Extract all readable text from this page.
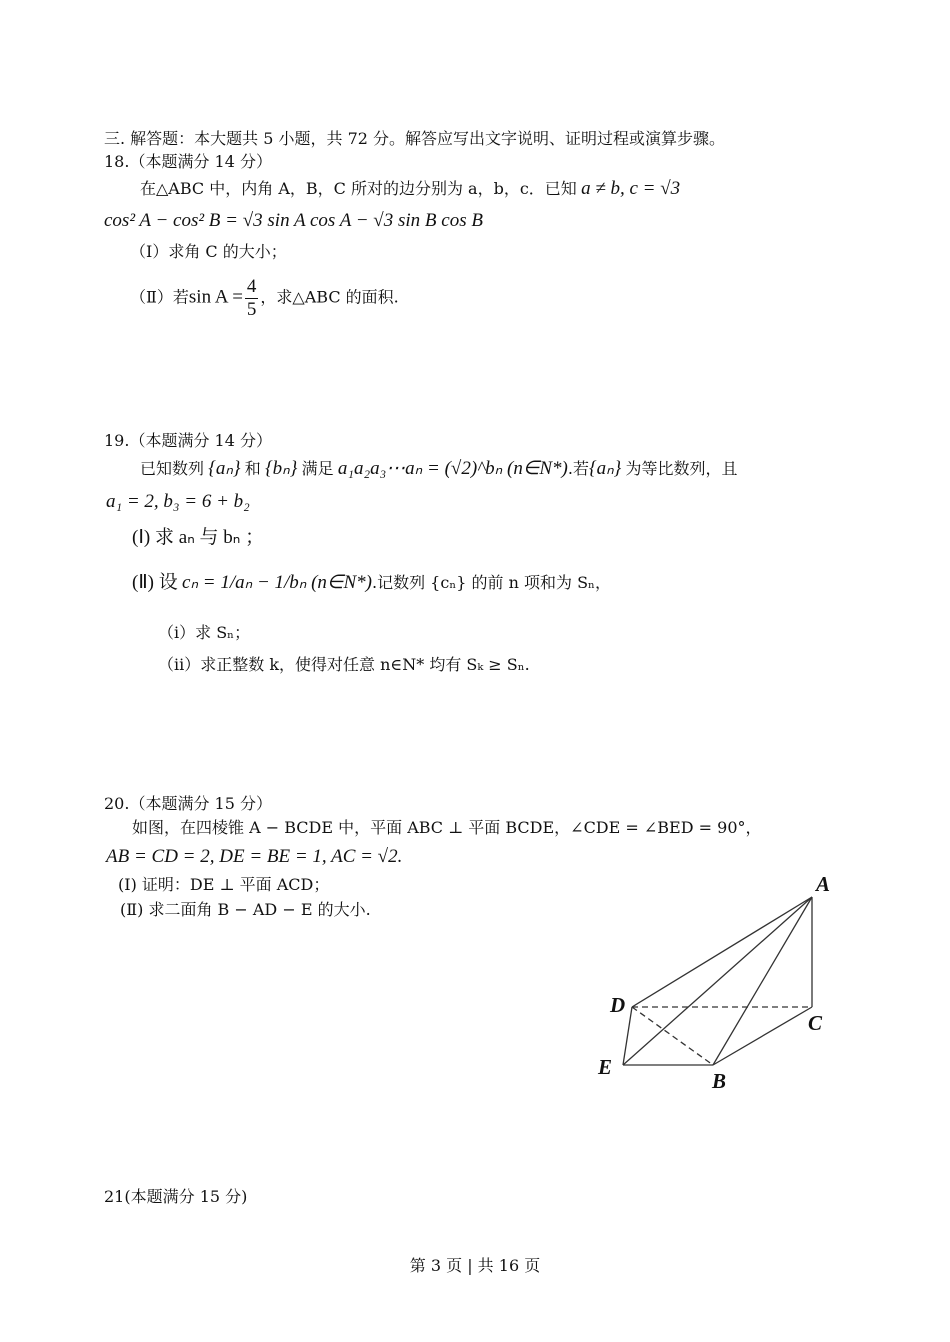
三. 解答题：本大题共 5 小题，共 72 分。解答应写出文字说明、证明过程或演算步骤。
18.（本题满分 14 分）
在△ABC 中，内角 A，B，C 所对的边分别为 a，b，c．已知 a ≠ b, c = √3
cos² A − cos² B = √3 sin A cos A − √3 sin B cos B
（Ⅰ）求角 C 的大小；
（Ⅱ）若$\sin A = \frac{4}{5}$ ，求△ABC 的面积.
19.（本题满分 14 分）
已知数列 {aₙ} 和 {bₙ} 满足 a₁a₂a₃⋯aₙ = (√2)^bₙ (n∈N*).若{aₙ} 为等比数列，且
a₁ = 2, b₃ = 6 + b₂
(Ⅰ) 求 aₙ 与 bₙ ；
(Ⅱ) 设 cₙ = 1/aₙ − 1/bₙ (n∈N*).记数列 {cₙ} 的前 n 项和为 Sₙ，
（i）求 Sₙ；
（ii）求正整数 k，使得对任意 n∈N* 均有 Sₖ ≥ Sₙ.
20.（本题满分 15 分）
如图，在四棱锥 A − BCDE 中，平面 ABC ⊥ 平面 BCDE，∠CDE = ∠BED = 90°，
AB = CD = 2, DE = BE = 1, AC = √2.
(Ⅰ) 证明：DE ⊥ 平面 ACD；
(Ⅱ) 求二面角 B − AD − E 的大小.
A
D
C
E
B
21(本题满分 15 分)
第 3 页 | 共 16 页
